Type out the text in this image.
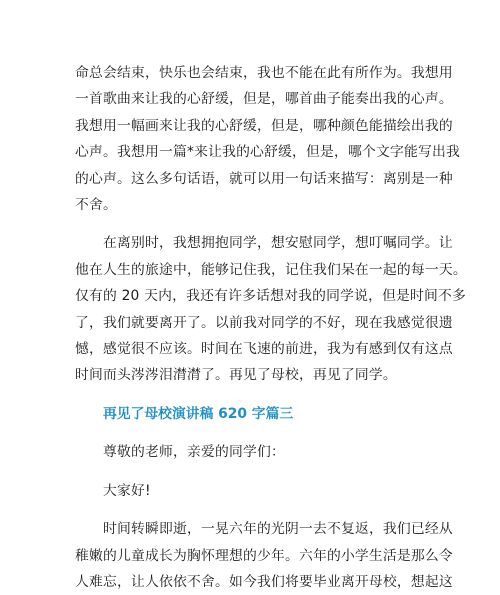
命总会结束，快乐也会结束，我也不能在此有所作为。我想用
一首歌曲来让我的心舒缓，但是，哪首曲子能奏出我的心声。
我想用一幅画来让我的心舒缓，但是，哪种颜色能描绘出我的
心声。我想用一篇*来让我的心舒缓，但是，哪个文字能写出我
的心声。这么多句话语，就可以用一句话来描写：离别是一种
不舍。

在离别时，我想拥抱同学，想安慰同学，想叮嘱同学。让
他在人生的旅途中，能够记住我，记住我们呆在一起的每一天。
仅有的 20 天内，我还有许多话想对我的同学说，但是时间不多
了，我们就要离开了。以前我对同学的不好，现在我感觉很遗
憾，感觉很不应该。时间在飞速的前进，我为有感到仅有这点
时间而头涔涔泪潸潸了。再见了母校，再见了同学。

再见了母校演讲稿 620 字篇三

尊敬的老师，亲爱的同学们：

大家好!

时间转瞬即逝，一晃六年的光阴一去不复返，我们已经从
稚嫩的儿童成长为胸怀理想的少年。六年的小学生活是那么令
人难忘，让人依依不舍。如今我们将要毕业离开母校，想起这
